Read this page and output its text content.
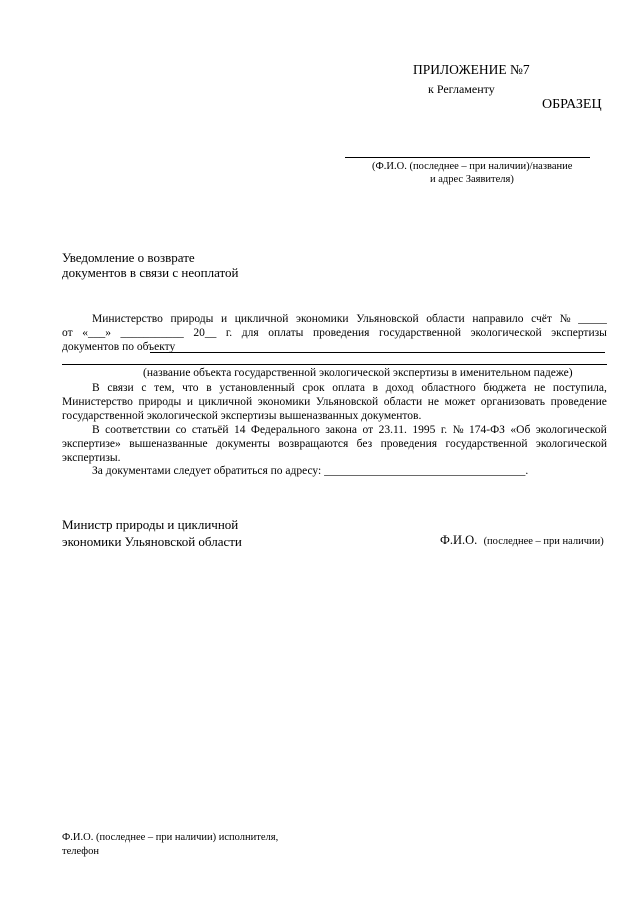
ПРИЛОЖЕНИЕ №7
к Регламенту
ОБРАЗЕЦ
(Ф.И.О. (последнее – при наличии)/название
и адрес Заявителя)
Уведомление о возврате
документов в связи с неоплатой
Министерство природы и цикличной экономики Ульяновской области направило счёт № _____
от «___» ___________ 20__ г. для оплаты проведения государственной экологической экспертизы
документов по объекту
(название объекта государственной экологической экспертизы в именительном падеже)
В связи с тем, что в установленный срок оплата в доход областного бюджета не поступила,
Министерство природы и цикличной экономики Ульяновской области не может организовать проведение
государственной экологической экспертизы вышеназванных документов.
В соответствии со статьёй 14 Федерального закона от 23.11. 1995 г. № 174-ФЗ «Об экологической
экспертизе» вышеназванные документы возвращаются без проведения государственной экологической
экспертизы.
За документами следует обратиться по адресу: ___________________________________.
Министр природы и цикличной
экономики Ульяновской области	Ф.И.О. (последнее – при наличии)
Ф.И.О. (последнее – при наличии) исполнителя,
телефон
